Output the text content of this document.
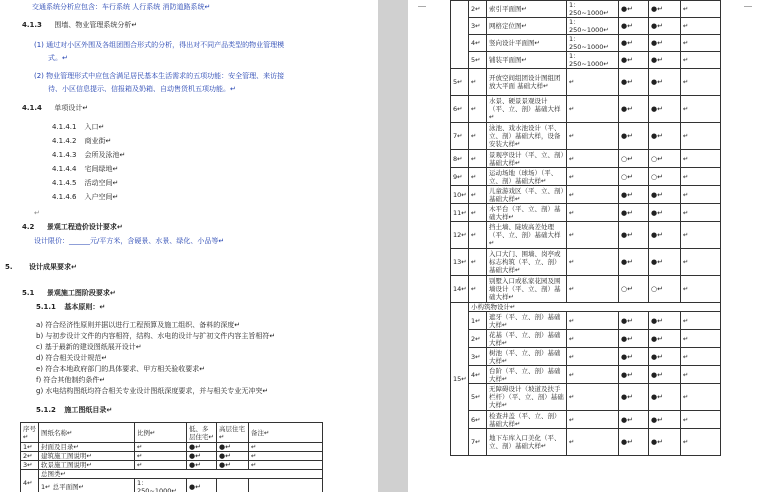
交通系统分析应包含：车行系统 人行系统 消防道路系统↵
4.1.3 围墙、物业管理系统分析↵
(1) 通过对小区外围及各组团围合形式的分析，得出对不同产品类型的物业管理模
式。↵
(2) 物业管理形式中应包含满足居民基本生活需求的五项功能：安全管理、来访接
待、小区信息提示、信报箱及奶箱、自动售货机五项功能。↵
4.1.4 单项设计↵
4.1.4.1 入口↵
4.1.4.2 商业街↵
4.1.4.3 会所及泳池↵
4.1.4.4 宅间绿地↵
4.1.4.5 活动空间↵
4.1.4.6 入户空间↵
↵
4.2 景观工程造价设计要求↵
设计限价：______元/平方米，含硬景、水景、绿化、小品等↵
5. 设计成果要求↵
5.1 景观施工图阶段要求↵
5.1.1 基本原则：↵
a) 符合经济性原则并据以进行工程预算及施工组织、备料的深度↵
b) 与初步设计文件的内容相符，结构、水电的设计与扩初文件内容主旨相符↵
c) 基于最新的建设图纸展开设计↵
d) 符合相关设计规范↵
e) 符合本地政府部门的具体要求、甲方相关验收要求↵
f) 符合其他制约条件↵
g) 水电结构图纸均符合相关专业设计图纸深度要求，并与相关专业无冲突↵
5.1.2 施工图纸目录↵
序号↵	图纸名称↵	比例↵	低、多层住宅↵	高层住宅↵	备注↵
1↵	封面及目录↵	↵	●↵	●↵	↵
2↵	建筑施工图说明↵	↵	●↵	●↵	↵
3↵	软景施工图说明↵	↵	●↵	●↵	↵
4↵	总图类↵				
	1↵ 总平面图↵	1：250~1000↵	●↵		
	2↵	索引平面图↵	1：250~1000↵	●↵	●↵	↵
	3↵	网格定位图↵	1：250~1000↵	●↵	●↵	↵
	4↵	竖向设计平面图↵	1：250~1000↵	●↵	●↵	↵
	5↵	铺装平面图↵	1：250~1000↵	●↵	●↵	↵
5↵	↵	开放空间组团设计图组团放大平面 基础大样↵	↵	●↵	●↵	↵
6↵	↵	水景、硬景景观设计（平、立、剖）基础大样↵	↵	●↵	●↵	↵
7↵	↵	泳池、戏水池设计（平、立、剖）基础大样，设备安装大样↵	↵	●↵	●↵	↵
8↵	↵	景观亭设计（平、立、剖）基础大样↵	↵	○↵	○↵	↵
9↵	↵	运动场地（球场）（平、立、剖）基础大样↵	↵	○↵	○↵	↵
10↵	↵	儿童游戏区（平、立、剖）基础大样↵	↵	●↵	●↵	↵
11↵	↵	木平台（平、立、剖）基础大样↵	↵	●↵	●↵	↵
12↵	↵	挡土墙、陡坡高差处理（平、立、剖）基础大样↵	↵	●↵	●↵	↵
13↵	↵	入口大门、围墙、岗亭或标志构筑（平、立、剖）基础大样↵	↵	●↵	●↵	↵
14↵	↵	别墅入口或私家花园及围墙设计（平、立、剖）基础大样↵	↵	○↵	○↵	↵
15↵	小构筑物设计↵					
	1↵	遮牙（平、立、剖）基础大样↵	↵	●↵	●↵	↵
	2↵	花基（平、立、剖）基础大样↵	↵	●↵	●↵	↵
	3↵	树池（平、立、剖）基础大样↵	↵	●↵	●↵	↵
	4↵	台阶（平、立、剖）基础大样↵	↵	●↵	●↵	↵
	5↵	无障碍设计（坡道及扶手栏杆）（平、立、剖）基础大样↵	↵	●↵	●↵	↵
	6↵	检查井盖（平、立、剖）基础大样↵	↵	●↵	●↵	↵
	7↵	地下车库入口美化（平、立、剖）基础大样↵	↵	●↵	●↵	↵
